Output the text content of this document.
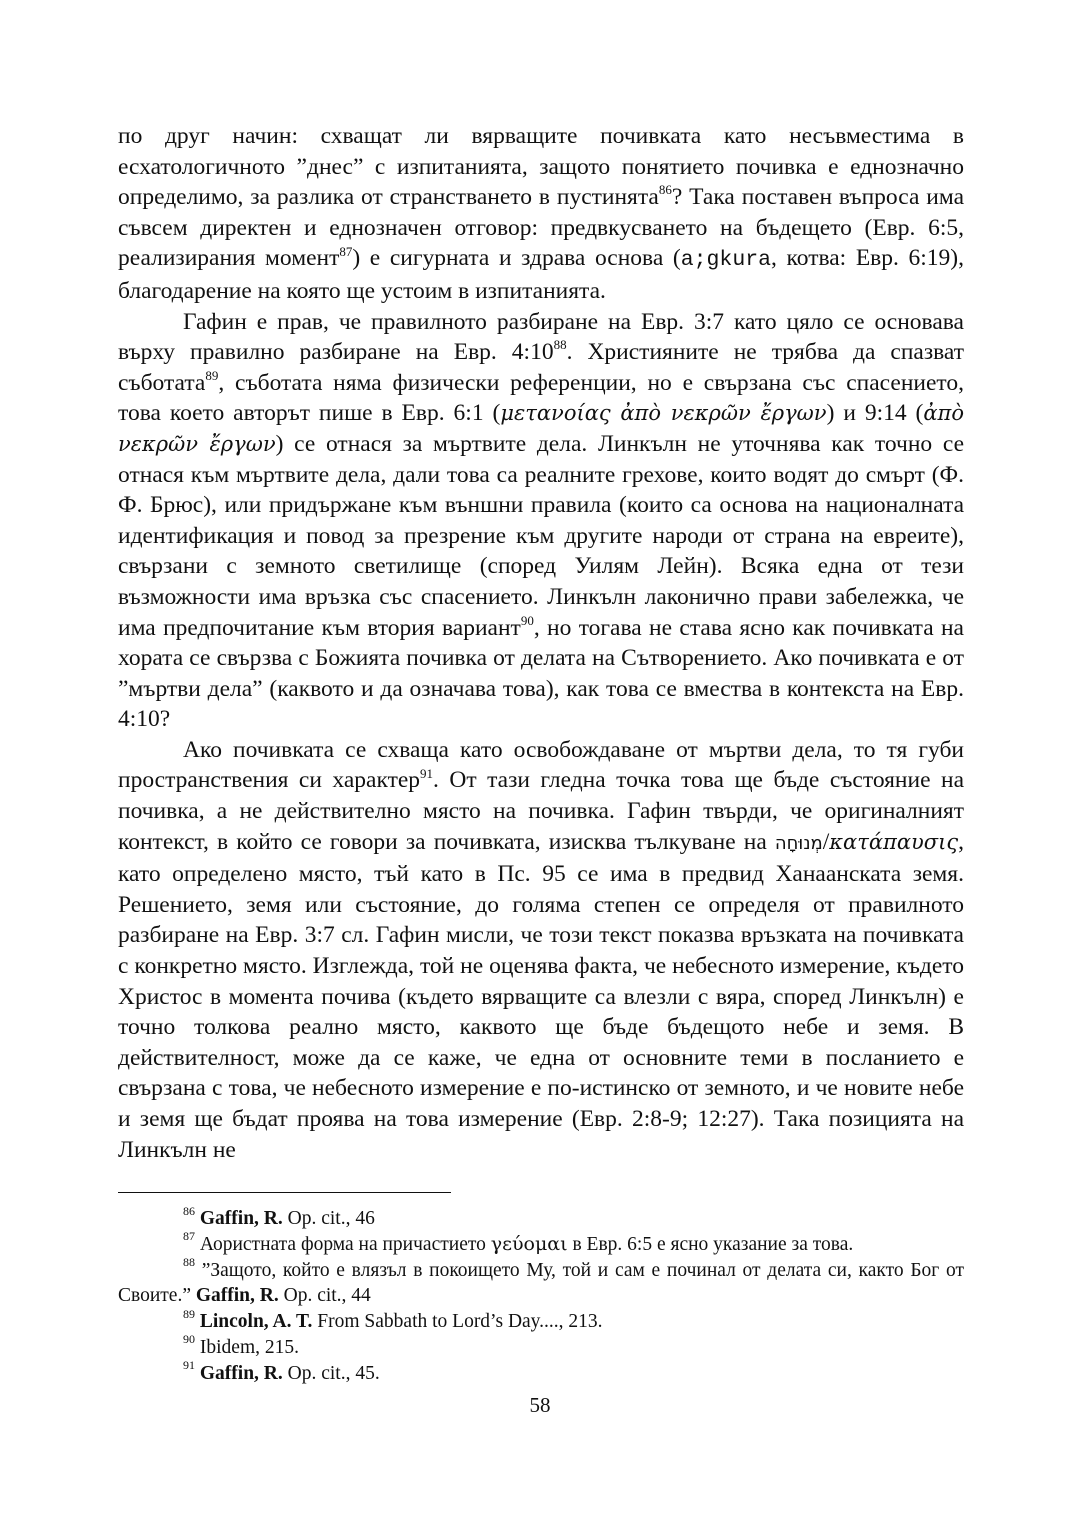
по друг начин: схващат ли вярващите почивката като несъвместима в есхатологичното ”днес” с изпитанията, защото понятието почивка е еднозначно определимо, за разлика от странстването в пустинята$^{86}$? Така поставен въпроса има съвсем директен и еднозначен отговор: предвкусването на бъдещето (Евр. 6:5, реализирания момент$^{87}$) е сигурната и здрава основа (a;gkura, котва: Евр. 6:19), благодарение на която ще устоим в изпитанията.

Гафин е прав, че правилното разбиране на Евр. 3:7 като цяло се основава върху правилно разбиране на Евр. $4:10^{88}$. Християните не трябва да спазват съботата$^{89}$, съботата няма физически референции, но е свързана със спасението, това което авторът пише в Евр. 6:1 (μετανοίας ἀπὸ νεκρῶν ἔργων) и 9:14 (ἀπὸ νεκρῶν ἔργων) се отнася за мъртвите дела. Линкълн не уточнява как точно се отнася към мъртвите дела, дали това са реалните грехове, които водят до смърт (Ф. Ф. Брюс), или придържане към външни правила (които са основа на националната идентификация и повод за презрение към другите народи от страна на евреите), свързани с земното светилище (според Уилям Лейн). Всяка една от тези възможности има връзка със спасението. Линкълн лаконично прави забележка, че има предпочитание към втория вариант$^{90}$, но тогава не става ясно как почивката на хората се свързва с Божията почивка от делата на Сътворението. Ако почивката е от ”мъртви дела” (каквото и да означава това), как това се вмества в контекста на Евр. 4:10?

Ако почивката се схваща като освобождаване от мъртви дела, то тя губи пространствения си характер$^{91}$. От тази гледна точка това ще бъде състояние на почивка, а не действително място на почивка. Гафин твърди, че оригиналният контекст, в който се говори за почивката, изисква тълкуване на מְנוּחָה/κατάπαυσις, като определено място, тъй като в Пс. 95 се има в предвид Ханаанската земя. Решението, земя или състояние, до голяма степен се определя от правилното разбиране на Евр. 3:7 сл. Гафин мисли, че този текст показва връзката на почивката с конкретно място. Изглежда, той не оценява факта, че небесното измерение, където Христос в момента почива (където вярващите са влезли с вяра, според Линкълн) е точно толкова реално място, каквото ще бъде бъдещото небе и земя. В действителност, може да се каже, че една от основните теми в посланието е свързана с това, че небесното измерение е по-истинско от земното, и че новите небе и земя ще бъдат проява на това измерение (Евр. 2:8-9; 12:27). Така позицията на Линкълн не

$^{86}$ Gaffin, R. Op. cit., 46

$^{87}$ Аористната форма на причастието γεύομαι в Евр. 6:5 е ясно указание за това.

$^{88}$ ”Защото, който е влязъл в покоището Му, той и сам е починал от делата си, както Бог от Своите.” Gaffin, R. Op. cit., 44

$^{89}$ Lincoln, A. T. From Sabbath to Lord’s Day...., 213.

$^{90}$ Ibidem, 215.

$^{91}$ Gaffin, R. Op. cit., 45.

58
